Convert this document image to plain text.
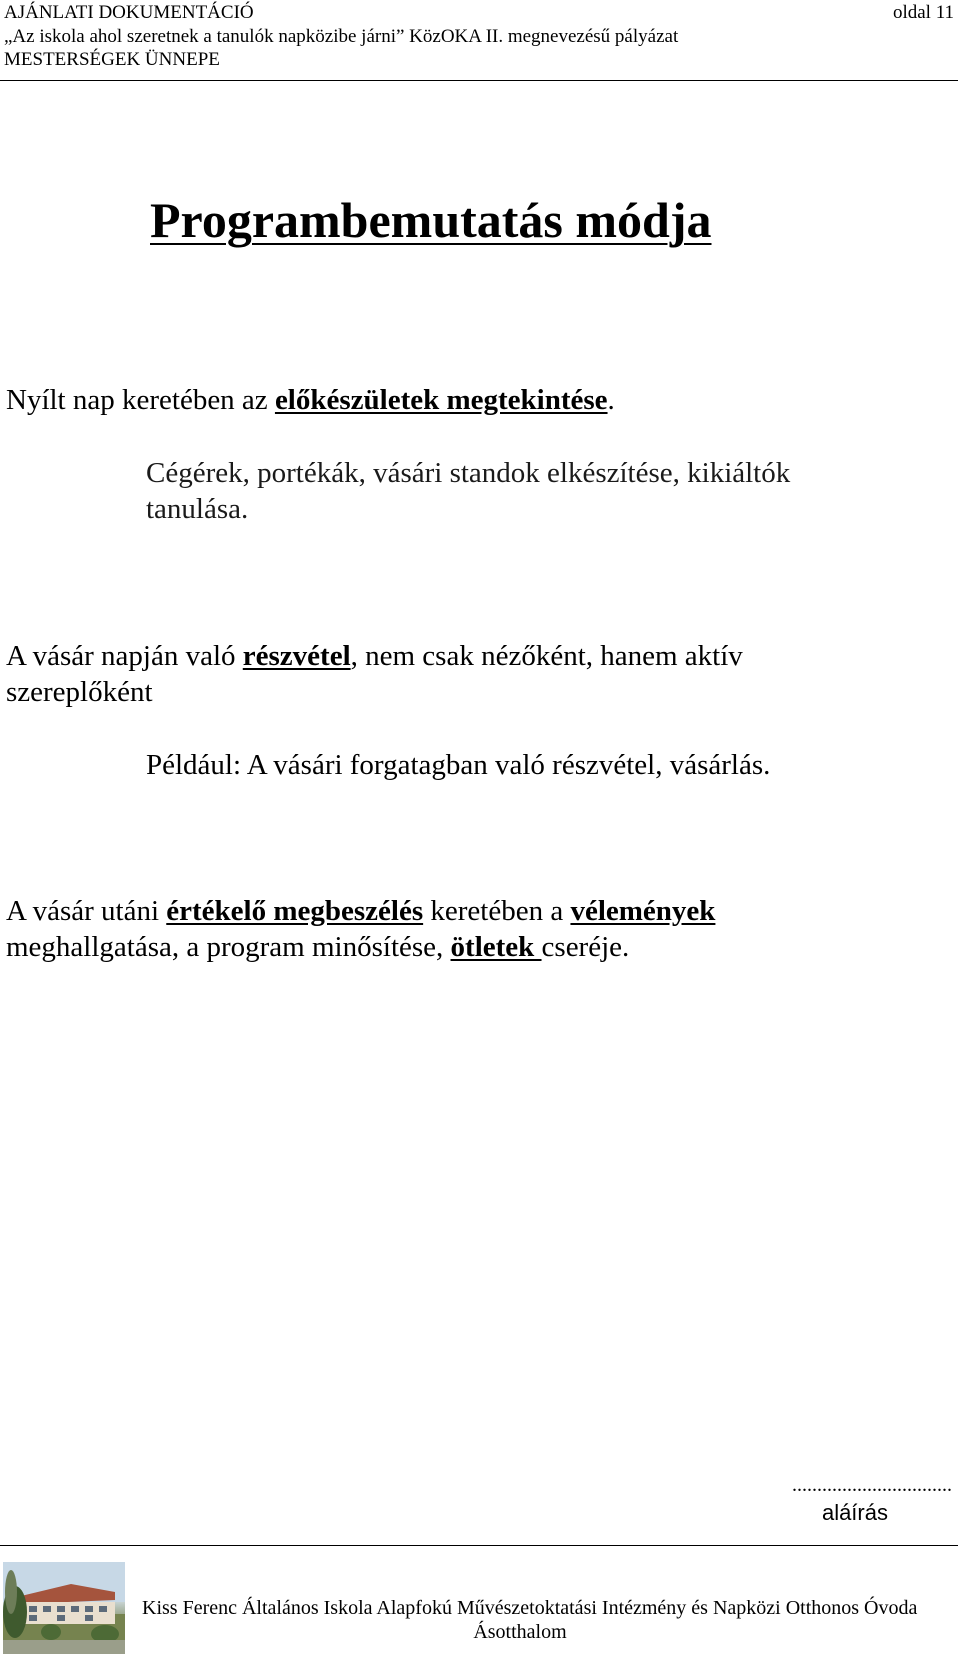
AJÁNLATI DOKUMENTÁCIÓ
„Az iskola ahol szeretnek a tanulók napközibe járni” KözOKA II. megnevezésű pályázat
MESTERSÉGEK ÜNNEPE
oldal 11
Programbemutatás módja
Nyílt nap keretében az előkészületek megtekintése.
Cégérek, portékák, vásári standok elkészítése, kikiáltók
tanulása.
A vásár napján való részvétel, nem csak nézőként, hanem aktív
szereplőként
Például: A vásári forgatagban való részvétel, vásárlás.
A vásár utáni értékelő megbeszélés keretében a vélemények
meghallgatása, a program minősítése, ötletek cseréje.
................................
aláírás
Kiss Ferenc Általános Iskola Alapfokú Művészetoktatási Intézmény és Napközi Otthonos Óvoda
Ásotthalom
